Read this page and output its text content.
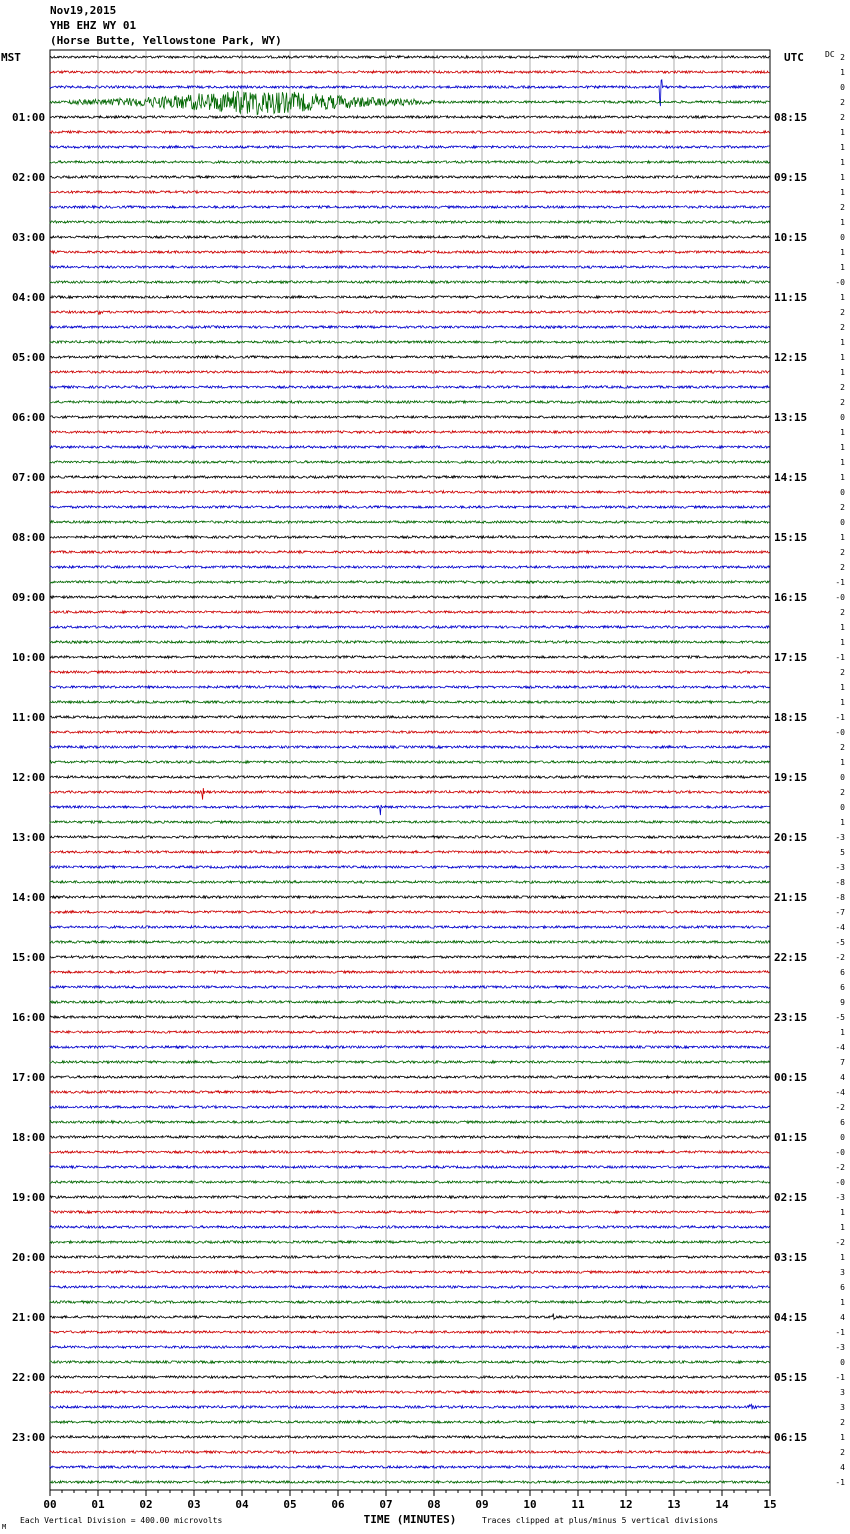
Nov19,2015
YHB EHZ WY 01
(Horse Butte, Yellowstone Park, WY)
00	01	02	03	04	05	06	07	08	09	10	11	12	13	14	15
TIME (MINUTES)
MST	UTC	DC
01:00
02:00
03:00
04:00
05:00
06:00
07:00
08:00
09:00
10:00
11:00
12:00
13:00
14:00
15:00
16:00
17:00
18:00
19:00
20:00
21:00
22:00
23:00
08:15
09:15
10:15
11:15
12:15
13:15
14:15
15:15
16:15
17:15
18:15
19:15
20:15
21:15
22:15
23:15
00:15
01:15
02:15
03:15
04:15
05:15
06:15
2
1
0
2
2
1
1
1
1
1
2
1
0
1
1
-0
1
2
2
1
1
1
2
2
0
1
1
1
1
0
2
0
1
2
2
-1
-0
2
1
1
-1
2
1
1
-1
-0
2
1
0
2
0
1
-3
5
-3
-8
-8
-7
-4
-5
-2
6
6
9
-5
1
-4
7
4
-4
-2
6
0
-0
-2
-0
-3
1
1
-2
1
3
6
1
4
-1
-3
0
-1
3
3
2
1
2
4
-1
Each Vertical Division = 400.00 microvolts	Traces clipped at plus/minus 5 vertical divisions
M
